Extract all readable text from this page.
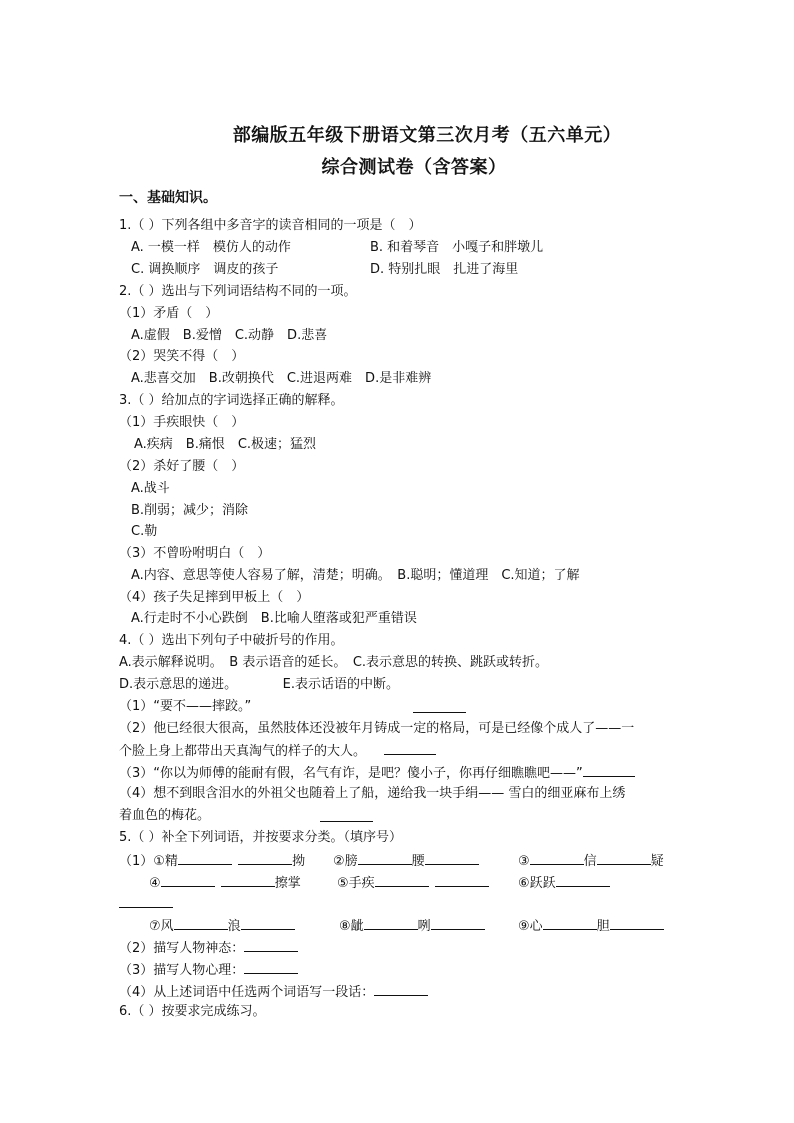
部编版五年级下册语文第三次月考（五六单元）
综合测试卷（含答案）
一、基础知识。
1.（ ）下列各组中多音字的读音相同的一项是（　）
A. 一模一样　模仿人的动作	B. 和着琴音　小嘎子和胖墩儿
C. 调换顺序　调皮的孩子	D. 特别扎眼　扎进了海里
2.（ ）选出与下列词语结构不同的一项。
（1）矛盾（　）
A.虚假　B.爱憎　C.动静　D.悲喜
（2）哭笑不得（　）
A.悲喜交加　B.改朝换代　C.进退两难　D.是非难辨
3.（ ）给加点的字词选择正确的解释。
（1）手疾眼快（　）
A.疾病　B.痛恨　C.极速；猛烈
（2）杀好了腰（　）
A.战斗
B.削弱；减少；消除
C.勒
（3）不曾吩咐明白（　）
A.内容、意思等使人容易了解，清楚；明确。　B.聪明；懂道理　C.知道；了解
（4）孩子失足摔到甲板上（　）
A.行走时不小心跌倒　B.比喻人堕落或犯严重错误
4.（ ）选出下列句子中破折号的作用。
A.表示解释说明。　B 表示语音的延长。　C.表示意思的转换、跳跃或转折。
D.表示意思的递进。　　　　E.表示话语的中断。
（1）“要不——摔跤。”
（2）他已经很大很高，虽然肢体还没被年月铸成一定的格局，可是已经像个成人了——一
个脸上身上都带出天真淘气的样子的大人。
（3）“你以为师傅的能耐有假，名气有诈，是吧？傻小子，你再仔细瞧瞧吧——”
（4）想不到眼含泪水的外祖父也随着上了船，递给我一块手绢—— 雪白的细亚麻布上绣
着血色的梅花。
5.（ ）补全下列词语，并按要求分类。（填序号）
（1）①精	拗 ②膀	腰	③	信	疑
④	擦掌	⑤手疾	⑥跃跃
⑦风	浪	⑧龇	咧	⑨心	胆
（2）描写人物神态：
（3）描写人物心理：
（4）从上述词语中任选两个词语写一段话：
6.（ ）按要求完成练习。
